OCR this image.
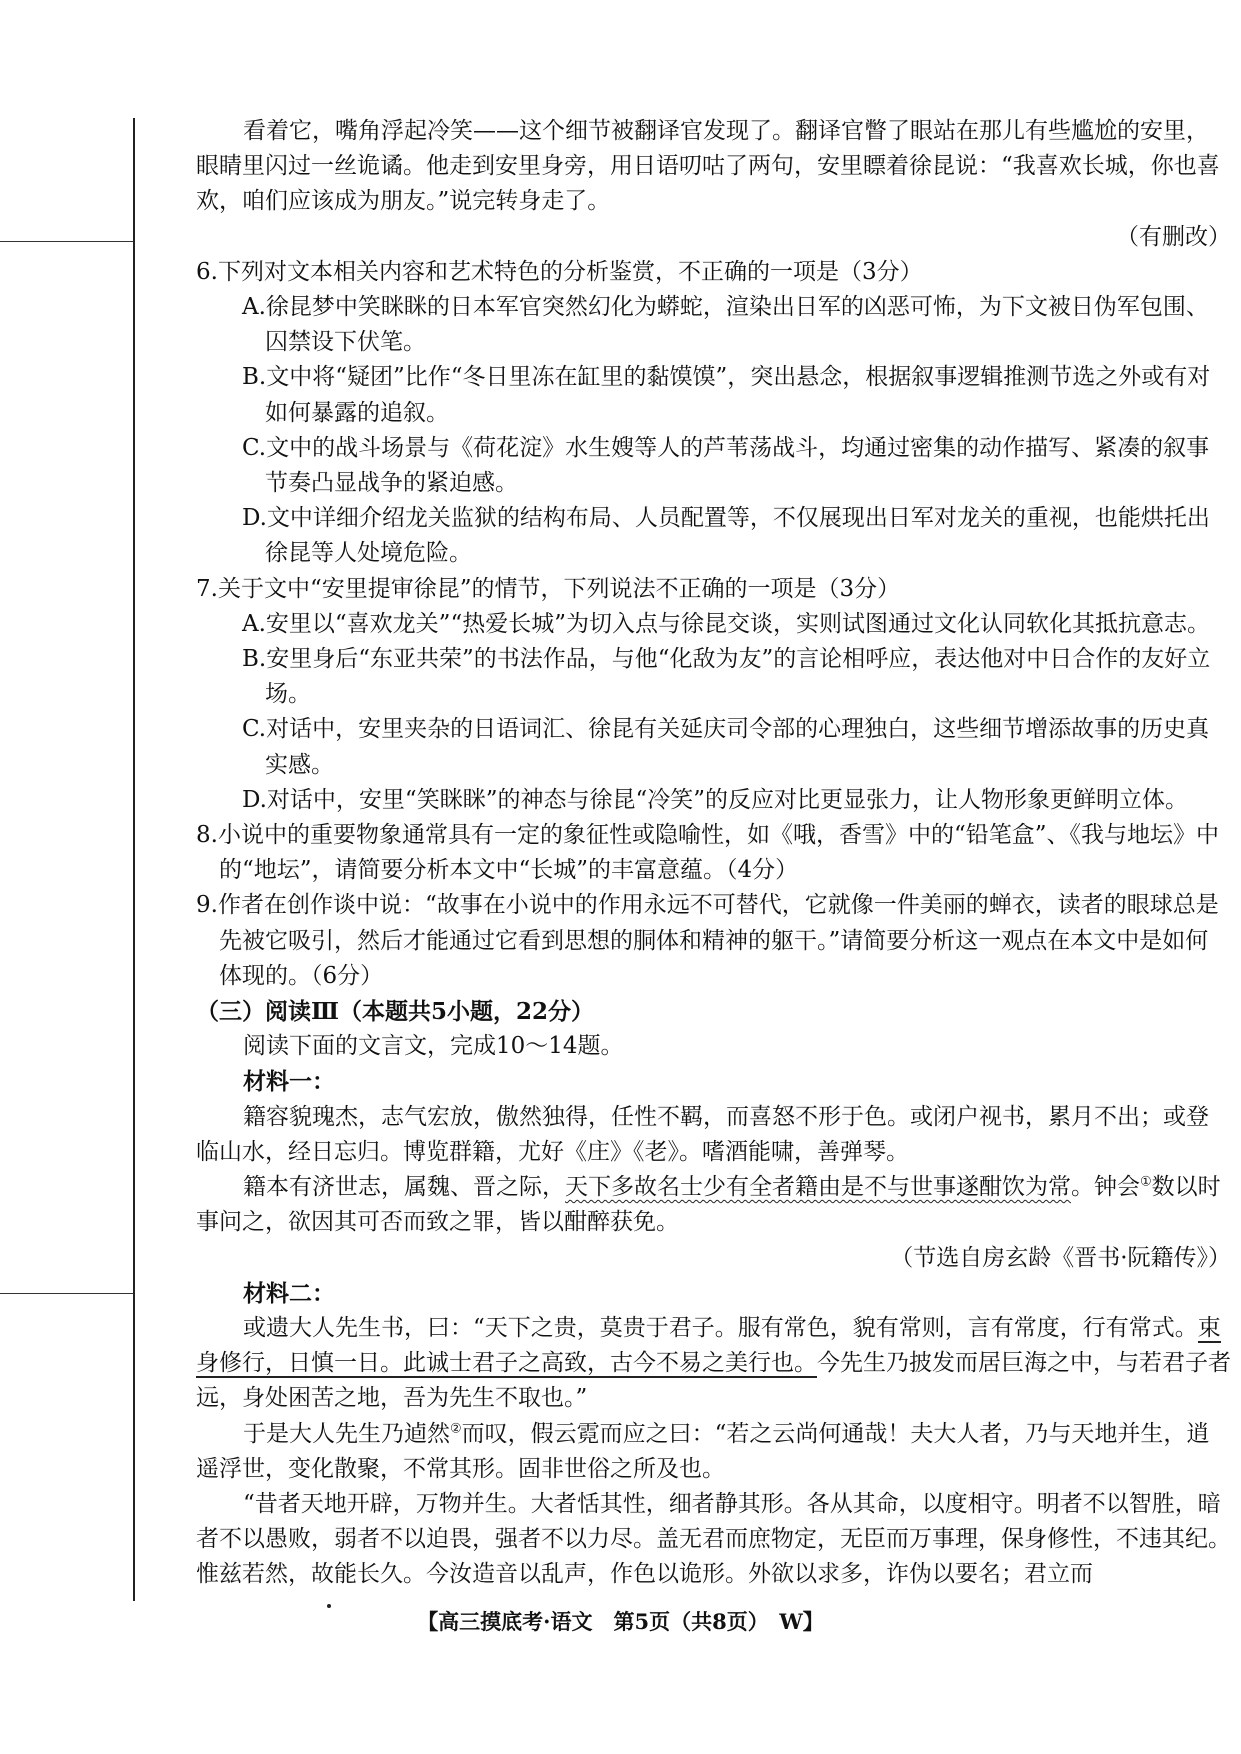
看着它，嘴角浮起冷笑——这个细节被翻译官发现了。翻译官瞥了眼站在那儿有些尴尬的安里，眼睛里闪过一丝诡谲。他走到安里身旁，用日语叨咕了两句，安里瞟着徐昆说：“我喜欢长城，你也喜欢，咱们应该成为朋友。”说完转身走了。

（有删改）

6.下列对文本相关内容和艺术特色的分析鉴赏，不正确的一项是（3分）

A.徐昆梦中笑眯眯的日本军官突然幻化为蟒蛇，渲染出日军的凶恶可怖，为下文被日伪军包围、囚禁设下伏笔。

B.文中将“疑团”比作“冬日里冻在缸里的黏馍馍”，突出悬念，根据叙事逻辑推测节选之外或有对如何暴露的追叙。

C.文中的战斗场景与《荷花淀》水生嫂等人的芦苇荡战斗，均通过密集的动作描写、紧凑的叙事节奏凸显战争的紧迫感。

D.文中详细介绍龙关监狱的结构布局、人员配置等，不仅展现出日军对龙关的重视，也能烘托出徐昆等人处境危险。

7.关于文中“安里提审徐昆”的情节，下列说法不正确的一项是（3分）

A.安里以“喜欢龙关”“热爱长城”为切入点与徐昆交谈，实则试图通过文化认同软化其抵抗意志。

B.安里身后“东亚共荣”的书法作品，与他“化敌为友”的言论相呼应，表达他对中日合作的友好立场。

C.对话中，安里夹杂的日语词汇、徐昆有关延庆司令部的心理独白，这些细节增添故事的历史真实感。

D.对话中，安里“笑眯眯”的神态与徐昆“冷笑”的反应对比更显张力，让人物形象更鲜明立体。

8.小说中的重要物象通常具有一定的象征性或隐喻性，如《哦，香雪》中的“铅笔盒”、《我与地坛》中的“地坛”，请简要分析本文中“长城”的丰富意蕴。（4分）

9.作者在创作谈中说：“故事在小说中的作用永远不可替代，它就像一件美丽的蝉衣，读者的眼球总是先被它吸引，然后才能通过它看到思想的胴体和精神的躯干。”请简要分析这一观点在本文中是如何体现的。（6分）

（三）阅读Ⅲ（本题共5小题，22分）

阅读下面的文言文，完成10～14题。

材料一：

籍容貌瑰杰，志气宏放，傲然独得，任性不羁，而喜怒不形于色。或闭户视书，累月不出；或登临山水，经日忘归。博览群籍，尤好《庄》《老》。嗜酒能啸，善弹琴。

籍本有济世志，属魏、晋之际，天下多故名士少有全者籍由是不与世事遂酣饮为常。钟会①数以时事问之，欲因其可否而致之罪，皆以酣醉获免。

（节选自房玄龄《晋书·阮籍传》）

材料二：

或遗大人先生书，曰：“天下之贵，莫贵于君子。服有常色，貌有常则，言有常度，行有常式。束身修行，日慎一日。此诚士君子之高致，古今不易之美行也。今先生乃披发而居巨海之中，与若君子者远，身处困苦之地，吾为先生不取也。”

于是大人先生乃逌然②而叹，假云霓而应之曰：“若之云尚何通哉！夫大人者，乃与天地并生，逍遥浮世，变化散聚，不常其形。固非世俗之所及也。

“昔者天地开辟，万物并生。大者恬其性，细者静其形。各从其命，以度相守。明者不以智胜，暗者不以愚败，弱者不以迫畏，强者不以力尽。盖无君而庶物定，无臣而万事理，保身修性，不违其纪。惟兹若然，故能长久。今汝造音以乱声，作色以诡形。外欲以求多，诈伪以要名；君立而

【高三摸底考·语文　第5页（共8页）　W】
